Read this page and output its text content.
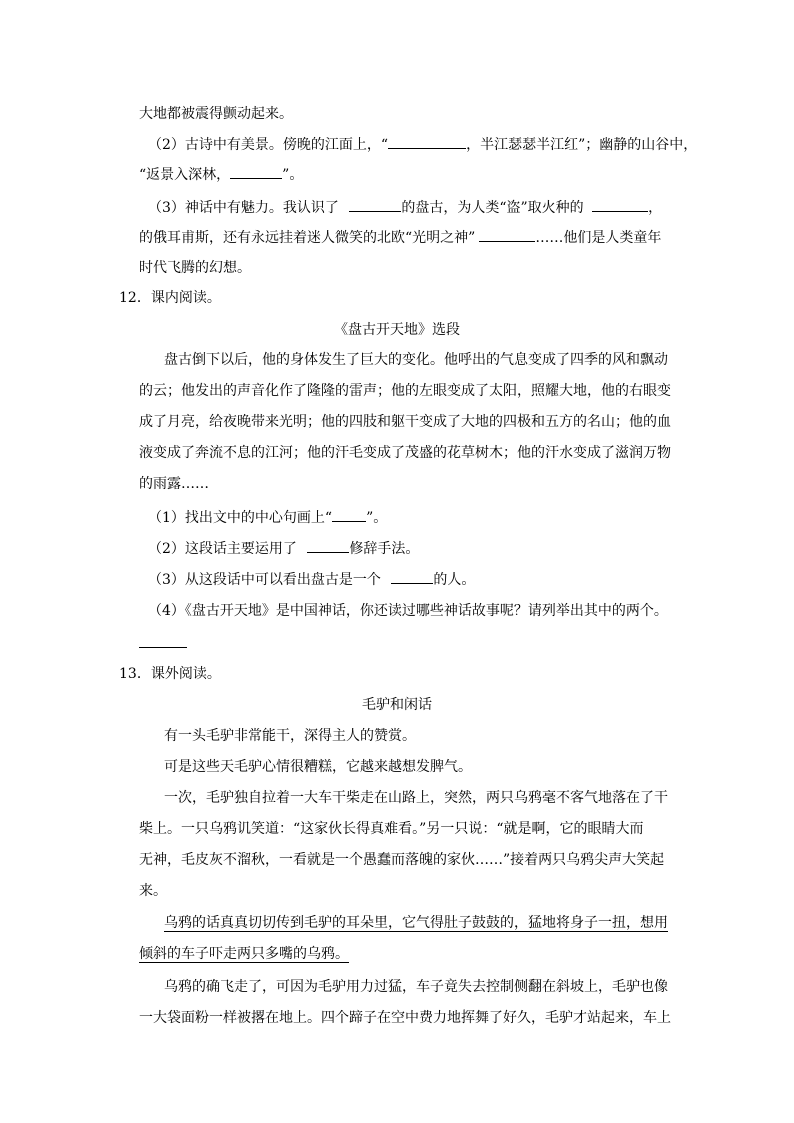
大地都被震得颤动起来。
（2）古诗中有美景。傍晚的江面上，“	，半江瑟瑟半江红”；幽静的山谷中，
“返景入深林，	”。
（3）神话中有魅力。我认识了	的盘古，为人类“盗”取火种的	，
的俄耳甫斯，还有永远挂着迷人微笑的北欧“光明之神”	……他们是人类童年
时代飞腾的幻想。
12．课内阅读。
《盘古开天地》选段
盘古倒下以后，他的身体发生了巨大的变化。他呼出的气息变成了四季的风和飘动
的云；他发出的声音化作了隆隆的雷声；他的左眼变成了太阳，照耀大地，他的右眼变
成了月亮，给夜晚带来光明；他的四肢和躯干变成了大地的四极和五方的名山；他的血
液变成了奔流不息的江河；他的汗毛变成了茂盛的花草树木；他的汗水变成了滋润万物
的雨露……
（1）找出文中的中心句画上“ ”。
（2）这段话主要运用了	修辞手法。
（3）从这段话中可以看出盘古是一个	的人。
（4）《盘古开天地》是中国神话，你还读过哪些神话故事呢？请列举出其中的两个。
13．课外阅读。
毛驴和闲话
有一头毛驴非常能干，深得主人的赞赏。
可是这些天毛驴心情很糟糕，它越来越想发脾气。
一次，毛驴独自拉着一大车干柴走在山路上，突然，两只乌鸦毫不客气地落在了干
柴上。一只乌鸦讥笑道：“这家伙长得真难看。”另一只说：“就是啊，它的眼睛大而
无神，毛皮灰不溜秋，一看就是一个愚蠢而落魄的家伙……”接着两只乌鸦尖声大笑起
来。
乌鸦的话真真切切传到毛驴的耳朵里，它气得肚子鼓鼓的，猛地将身子一扭，想用
倾斜的车子吓走两只多嘴的乌鸦。
乌鸦的确飞走了，可因为毛驴用力过猛，车子竟失去控制侧翻在斜坡上，毛驴也像
一大袋面粉一样被撂在地上。四个蹄子在空中费力地挥舞了好久，毛驴才站起来，车上
